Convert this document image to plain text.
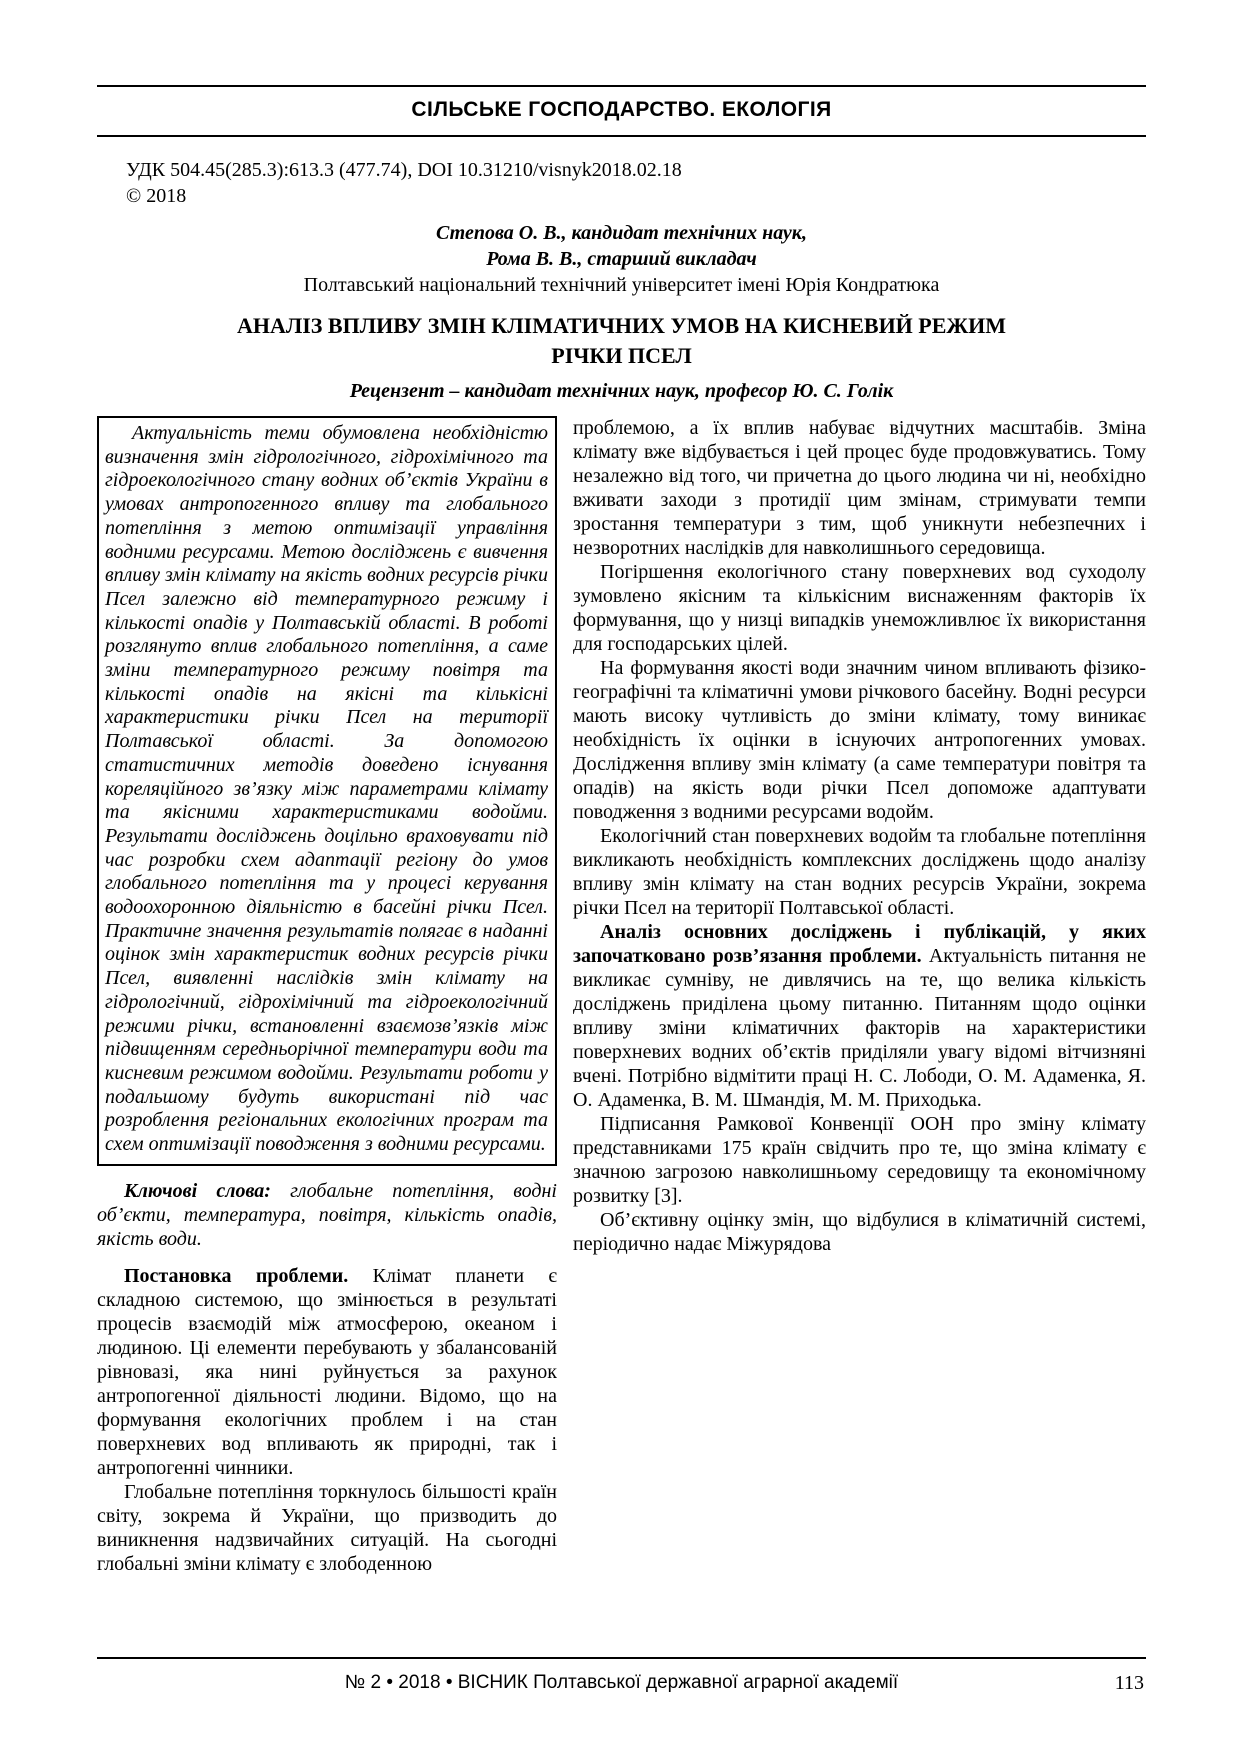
СІЛЬСЬКЕ ГОСПОДАРСТВО. ЕКОЛОГІЯ
УДК 504.45(285.3):613.3 (477.74), DOI 10.31210/visnyk2018.02.18
© 2018
Степова О. В., кандидат технічних наук,
Рома В. В., старший викладач
Полтавський національний технічний університет імені Юрія Кондратюка
АНАЛІЗ ВПЛИВУ ЗМІН КЛІМАТИЧНИХ УМОВ НА КИСНЕВИЙ РЕЖИМ
РІЧКИ ПСЕЛ
Рецензент – кандидат технічних наук, професор Ю. С. Голік

Актуальність теми обумовлена необхідністю визначення змін гідрологічного, гідрохімічного та гідроекологічного стану водних об’єктів України в умовах антропогенного впливу та глобального потепління з метою оптимізації управління водними ресурсами. Метою досліджень є вивчення впливу змін клімату на якість водних ресурсів річки Псел залежно від температурного режиму і кількості опадів у Полтавській області. В роботі розглянуто вплив глобального потепління, а саме зміни температурного режиму повітря та кількості опадів на якісні та кількісні характеристики річки Псел на території Полтавської області. За допомогою статистичних методів доведено існування кореляційного зв’язку між параметрами клімату та якісними характеристиками водойми. Результати досліджень доцільно враховувати під час розробки схем адаптації регіону до умов глобального потепління та у процесі керування водоохоронною діяльністю в басейні річки Псел. Практичне значення результатів полягає в наданні оцінок змін характеристик водних ресурсів річки Псел, виявленні наслідків змін клімату на гідрологічний, гідрохімічний та гідроекологічний режими річки, встановленні взаємозв’язків між підвищенням середньорічної температури води та кисневим режимом водойми. Результати роботи у подальшому будуть використані під час розроблення регіональних екологічних програм та схем оптимізації поводження з водними ресурсами.

Ключові слова: глобальне потепління, водні об’єкти, температура, повітря, кількість опадів, якість води.

Постановка проблеми. Клімат планети є складною системою, що змінюється в результаті процесів взаємодій між атмосферою, океаном і людиною. Ці елементи перебувають у збалансованій рівновазі, яка нині руйнується за рахунок антропогенної діяльності людини. Відомо, що на формування екологічних проблем і на стан поверхневих вод впливають як природні, так і антропогенні чинники.

Глобальне потепління торкнулось більшості країн світу, зокрема й України, що призводить до виникнення надзвичайних ситуацій. На сьогодні глобальні зміни клімату є злободенною

проблемою, а їх вплив набуває відчутних масштабів. Зміна клімату вже відбувається і цей процес буде продовжуватись. Тому незалежно від того, чи причетна до цього людина чи ні, необхідно вживати заходи з протидії цим змінам, стримувати темпи зростання температури з тим, щоб уникнути небезпечних і незворотних наслідків для навколишнього середовища.

Погіршення екологічного стану поверхневих вод суходолу зумовлено якісним та кількісним виснаженням факторів їх формування, що у низці випадків унеможливлює їх використання для господарських цілей.

На формування якості води значним чином впливають фізико-географічні та кліматичні умови річкового басейну. Водні ресурси мають високу чутливість до зміни клімату, тому виникає необхідність їх оцінки в існуючих антропогенних умовах. Дослідження впливу змін клімату (а саме температури повітря та опадів) на якість води річки Псел допоможе адаптувати поводження з водними ресурсами водойм.

Екологічний стан поверхневих водойм та глобальне потепління викликають необхідність комплексних досліджень щодо аналізу впливу змін клімату на стан водних ресурсів України, зокрема річки Псел на території Полтавської області.

Аналіз основних досліджень і публікацій, у яких започатковано розв’язання проблеми. Актуальність питання не викликає сумніву, не дивлячись на те, що велика кількість досліджень приділена цьому питанню. Питанням щодо оцінки впливу зміни кліматичних факторів на характеристики поверхневих водних об’єктів приділяли увагу відомі вітчизняні вчені. Потрібно відмітити праці Н. С. Лободи, О. М. Адаменка, Я. О. Адаменка, В. М. Шмандія, М. М. Приходька.

Підписання Рамкової Конвенції ООН про зміну клімату представниками 175 країн свідчить про те, що зміна клімату є значною загрозою навколишньому середовищу та економічному розвитку [3].

Об’єктивну оцінку змін, що відбулися в кліматичній системі, періодично надає Міжурядова

№ 2 • 2018 • ВІСНИК Полтавської державної аграрної академії	113
